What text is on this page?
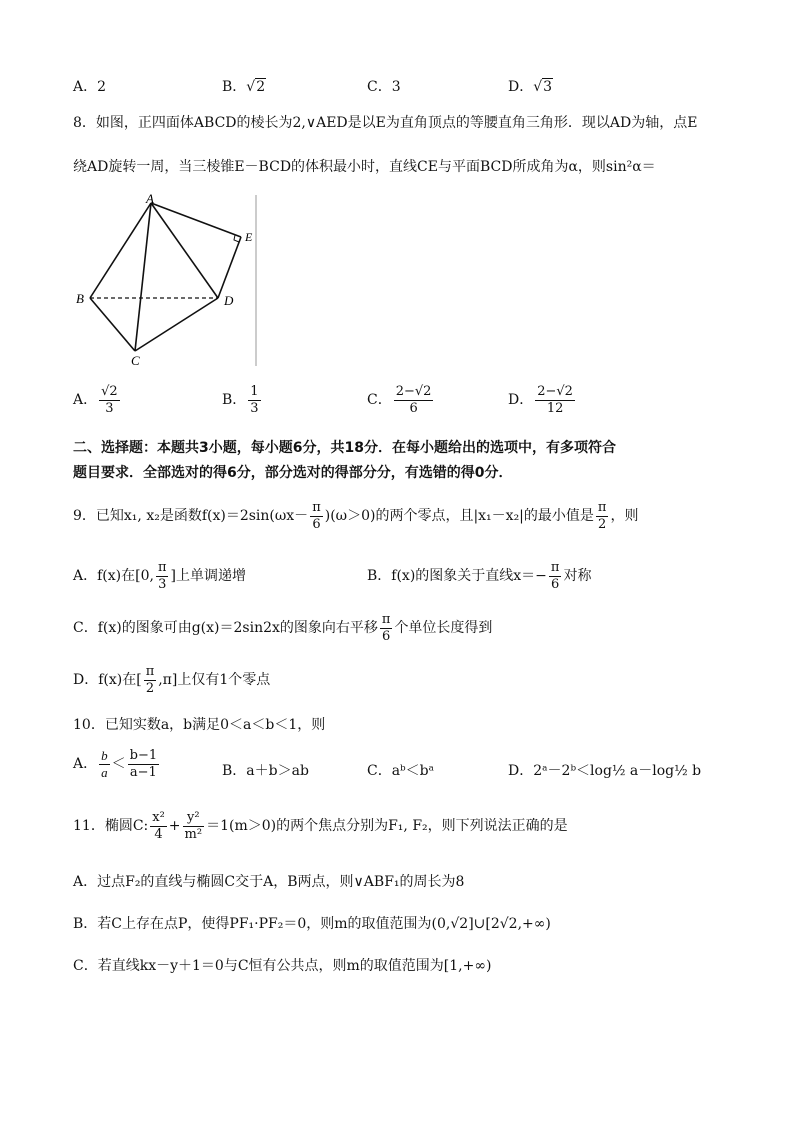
A．2	B．√2	C．3	D．√3
8．如图，正四面体ABCD的棱长为2,∨AED是以E为直角顶点的等腰直角三角形．现以AD为轴，点E
绕AD旋转一周，当三棱锥E－BCD的体积最小时，直线CE与平面BCD所成角为α，则sin²α＝
A
B
C
D
E
A． $\frac{√2}{3}$	B． $\frac{1}{3}$	C． $\frac{2-√2}{6}$	D． $\frac{2-√2}{12}$
二、选择题：本题共3小题，每小题6分，共18分．在每小题给出的选项中，有多项符合
题目要求．全部选对的得6分，部分选对的得部分分，有选错的得0分．
9．已知x₁, x₂是函数$f(x)=2\sin(\omega x- \frac{\pi}{6} )(\omega>0)$的两个零点，且|x₁－x₂|的最小值是 $\frac{\pi}{2}$ ，则
A．f(x)在[0, $\frac{\pi}{3}$ ]上单调递增	B．f(x)的图象关于直线$x=- \frac{\pi}{6}$ 对称
C．f(x)的图象可由g(x)＝2sin2x的图象向右平移 $\frac{\pi}{6}$ 个单位长度得到
D．f(x)在[ $\frac{\pi}{2} ,\pi$]上仅有1个零点
10．已知实数a，b满足0＜a＜b＜1，则
A． $\frac{b}{a} < \frac{b-1}{a-1}$	B．a＋b＞ab	C．aᵇ＜bᵃ	D．2ᵃ－2ᵇ＜log½ a－log½ b
11．椭圆C: $\frac{\text{x²}}{4} + \frac{\text{y²}}{\text{m²}} =1(m>0)$的两个焦点分别为F₁, F₂，则下列说法正确的是
A．过点F₂的直线与椭圆C交于A，B两点，则∨ABF₁的周长为8
B．若C上存在点P，使得PF₁·PF₂＝0，则m的取值范围为(0,√2]∪[2√2,+∞)
C．若直线kx－y＋1＝0与C恒有公共点，则m的取值范围为[1,+∞)
